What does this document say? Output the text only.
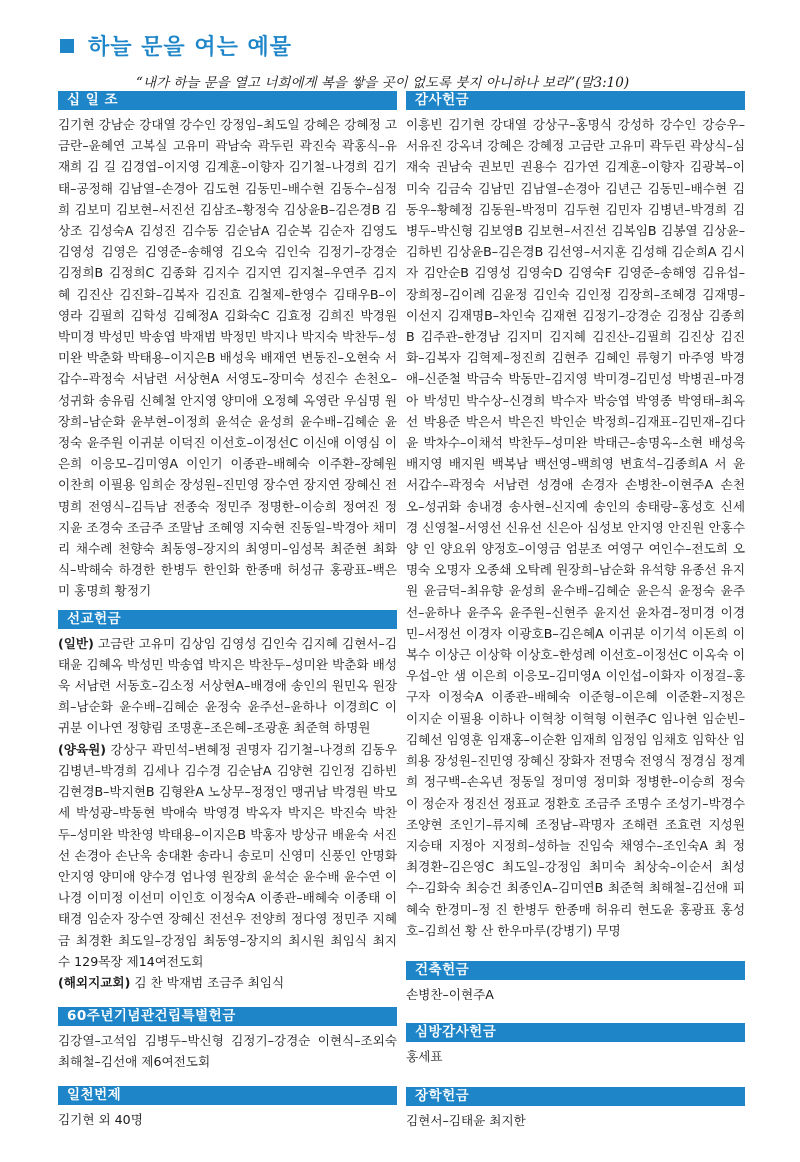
하늘 문을 여는 예물
“내가 하늘 문을 열고 너희에게 복을 쌓을 곳이 없도록 붓지 아니하나 보라”(말3:10)
십 일 조
김기현 강남순 강대열 강수인 강정임–최도일 강혜은 강혜정 고금란–윤혜연 고복실 고유미 곽남숙 곽두린 곽진숙 곽홍식–유재희 김 길 김경엽–이지영 김계훈–이향자 김기철–나경희 김기태–공정해 김남열–손경아 김도현 김동민–배수현 김동수–심정희 김보미 김보현–서진선 김삼조–황정숙 김상윤B–김은경B 김상조 김성숙A 김성진 김수동 김순남A 김순복 김순자 김영도 김영성 김영은 김영준–송해영 김오숙 김인숙 김정기–강경순 김정희B 김정희C 김종화 김지수 김지연 김지철–우연주 김지혜 김진산 김진화–김복자 김진효 김철제–한영수 김태우B–이영라 김필희 김학성 김혜정A 김화숙C 김효정 김희진 박경원 박미경 박성민 박송엽 박재범 박정민 박지나 박지숙 박찬두–성미완 박춘화 박태용–이지은B 배성욱 배재연 변동진–오현숙 서갑수–곽정숙 서남련 서상현A 서영도–장미숙 성진수 손천오–성귀화 송유림 신혜철 안지영 양미애 오정혜 옥영란 우심명 원장희–남순화 윤부현–이정희 윤석순 윤성희 윤수배–김혜순 윤정숙 윤주원 이귀분 이덕진 이선호–이정선C 이신애 이영심 이은희 이응모–김미영A 이인기 이종관–배혜숙 이주환–장혜원 이찬희 이필용 임희순 장성원–진민영 장수연 장지연 장혜신 전명희 전영식–김득남 전종숙 정민주 정명한–이승희 정여진 정지윤 조경숙 조금주 조말남 조혜영 지숙현 진동일–박경아 채미리 채수례 천향숙 최동영–장지의 최영미–임성목 최준현 최화식–박해숙 하경한 한병두 한인화 한종매 허성규 홍광표–백은미 홍명희 황정기
선교헌금
(일반) 고금란 고유미 김상임 김영성 김인숙 김지혜 김현서–김태윤 김혜옥 박성민 박송엽 박지은 박찬두–성미완 박춘화 배성욱 서남련 서동호–김소정 서상현A–배경애 송인의 원민옥 원장희–남순화 윤수배–김혜순 윤정숙 윤주선–윤하나 이경희C 이귀분 이나연 정향림 조명훈–조은혜–조광훈 최준혁 하명원
(양육원) 강상구 곽민석–변혜정 권명자 김기철–나경희 김동우 김병년–박경희 김세나 김수경 김순남A 김양현 김인정 김하빈 김현경B–박지현B 김형완A 노상무–정정인 맹귀남 박경원 박모세 박성광–박동현 박애숙 박영경 박옥자 박지은 박진숙 박찬두–성미완 박찬영 박태용–이지은B 박홍자 방상규 배윤숙 서진선 손경아 손난욱 송대환 송라니 송로미 신영미 신풍인 안명화 안지영 양미애 양수경 엄나영 원장희 윤석순 윤수배 윤수연 이나경 이미정 이선미 이인호 이정숙A 이종관–배혜숙 이종태 이태경 임순자 장수연 장혜신 전선우 전양희 정다영 정민주 지혜금 최경환 최도일–강정임 최동영–장지의 최시원 최임식 최지수 129목장 제14여전도회
(해외지교회) 김 찬 박재범 조금주 최임식
60주년기념관건립특별헌금
김강열–고석임 김병두–박신형 김정기–강경순 이현식–조외숙 최해철–김선애 제6여전도회
일천번제
김기현 외 40명
감사헌금
이흥빈 김기현 강대열 강상구–홍명식 강성하 강수인 강승우–서유진 강옥녀 강혜은 강혜정 고금란 고유미 곽두린 곽상식–심재숙 권남숙 권보민 권용수 김가연 김계훈–이향자 김광복–이미숙 김금숙 김남민 김남열–손경아 김년근 김동민–배수현 김동우–황혜정 김동원–박정미 김두현 김민자 김병년–박경희 김병두–박신형 김보영B 김보현–서진선 김복임B 김봉열 김상윤–김하빈 김상윤B–김은경B 김선영–서지훈 김성해 김순희A 김시자 김안순B 김영성 김영숙D 김영숙F 김영준–송해영 김유섭–장희정–김이례 김윤정 김인숙 김인정 김장희–조혜경 김재명–이선지 김재명B–차인숙 김재현 김정기–강경순 김정삼 김종희B 김주관–한경남 김지미 김지혜 김진산–김필희 김진상 김진화–김복자 김혁제–정진희 김현주 김혜인 류형기 마주영 박경애–신준철 박금숙 박동만–김지영 박미경–김민성 박병권–마경아 박성민 박수상–신경희 박수자 박승엽 박영종 박영태–최옥선 박용준 박은서 박은진 박인순 박정희–김재표–김민재–김다윤 박차수–이채석 박찬두–성미완 박태근–송명옥–소현 배성욱 배지영 배지원 백복남 백선영–백희영 변효석–김종희A 서 윤 서갑수–곽정숙 서남련 성경애 손경자 손병찬–이현주A 손천오–성귀화 송내경 송사현–신지예 송인의 송태랑–홍성호 신세경 신영철–서영선 신유선 신은아 심성보 안지영 안진원 안홍수 양 인 양요위 양정호–이영금 엄분조 여영구 여인수–전도희 오명숙 오명자 오종쇄 오탁례 원장희–남순화 유석향 유종선 유지원 윤금덕–최유향 윤성희 윤수배–김혜순 윤은식 윤정숙 윤주선–윤하나 윤주옥 윤주원–신현주 윤지선 윤차겸–정미경 이경민–서정선 이경자 이광호B–김은혜A 이귀분 이기석 이돈희 이복수 이상근 이상학 이상호–한성례 이선호–이정선C 이옥숙 이우섭–안 샘 이은희 이응모–김미영A 이인섭–이화자 이정걸–홍구자 이정숙A 이종관–배혜숙 이준형–이은혜 이준환–지정은 이지순 이필용 이하나 이혁창 이혁형 이현주C 임나현 임순빈–김혜선 임영훈 임재홍–이순환 임재희 임정임 임채호 임학산 임희용 장성원–진민영 장혜신 장화자 전명숙 전영식 정경심 정계희 정구백–손옥년 정동일 정미영 정미화 정병한–이승희 정숙이 정순자 정진선 정표교 정환호 조금주 조명수 조성기–박경수 조양현 조인기–류지혜 조정남–곽명자 조해련 조효련 지성원 지승태 지정아 지정희–성하늘 진임숙 채영수–조인숙A 최 정 최경환–김은영C 최도일–강정임 최미숙 최상숙–이순서 최성수–김화숙 최승건 최종인A–김미연B 최준혁 최해철–김선애 피혜숙 한경미–정 진 한병두 한종매 허유리 현도윤 홍광표 홍성호–김희선 황 산 한우마루(강병기) 무명
건축헌금
손병찬–이현주A
심방감사헌금
홍세표
장학헌금
김현서–김태윤 최지한
